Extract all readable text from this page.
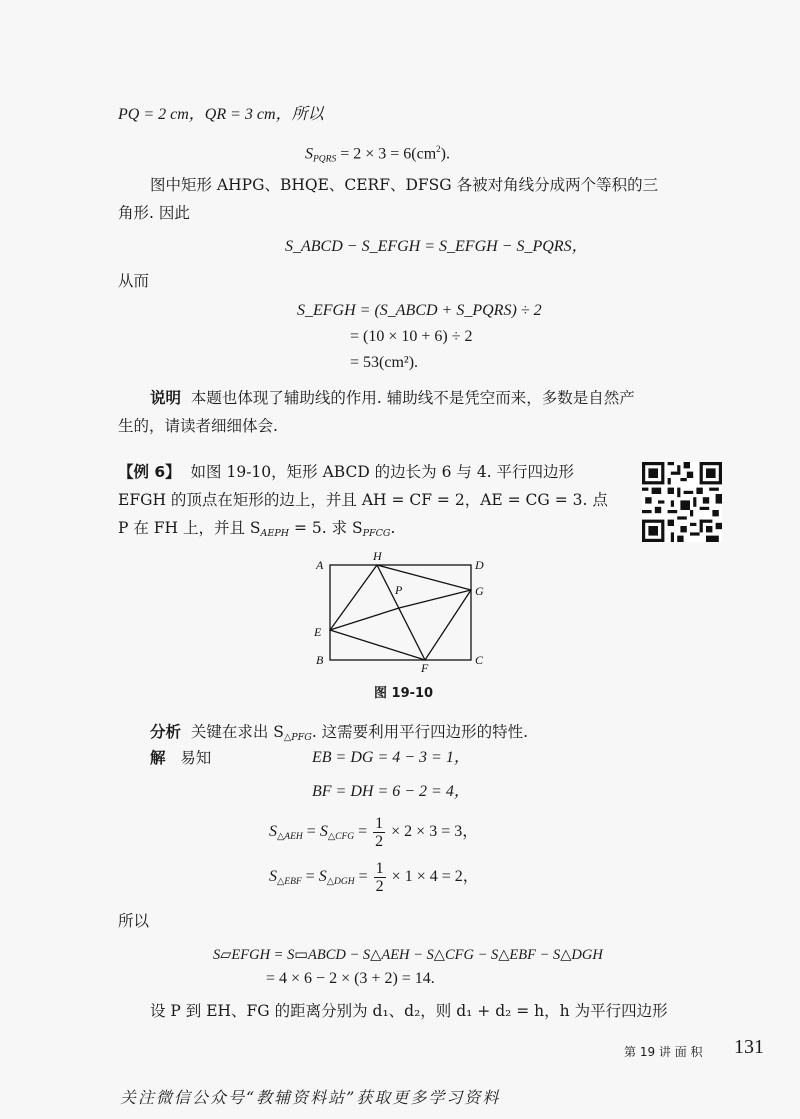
PQ = 2 cm，QR = 3 cm，所以
$S_{PQRS} = 2 \times 3 = 6(cm^2)$.
图中矩形 AHPG、BHQE、CERF、DFSG 各被对角线分成两个等积的三
角形. 因此
S_ABCD − S_EFGH = S_EFGH − S_PQRS，
从而
S_EFGH = (S_ABCD + S_PQRS) ÷ 2
= (10 × 10 + 6) ÷ 2
= 53(cm²).
说明 本题也体现了辅助线的作用. 辅助线不是凭空而来，多数是自然产
生的，请读者细细体会.
【例 6】 如图 19-10，矩形 ABCD 的边长为 6 与 4. 平行四边形
EFGH 的顶点在矩形的边上，并且 AH = CF = 2，AE = CG = 3. 点
P 在 FH 上，并且 $S_{AEPH} = 5$. 求 $S_{PFCG}$.
A
H
D
P	G
E
B
F
C
图 19-10
分析 关键在求出 $S_{\triangle PFG}$. 这需要利用平行四边形的特性.
解 易知	EB = DG = 4 − 3 = 1，
BF = DH = 6 − 2 = 4，
$S_{\triangle AEH} = S_{\triangle CFG} = \frac{1}{2} \times 2 \times 3 = 3$，
$S_{\triangle EBF} = S_{\triangle DGH} = \frac{1}{2} \times 1 \times 4 = 2$，
所以
S▱EFGH = S▭ABCD − S△AEH − S△CFG − S△EBF − S△DGH
= 4 × 6 − 2 × (3 + 2) = 14.
设 P 到 EH、FG 的距离分别为 d₁、d₂，则 d₁ + d₂ = h，h 为平行四边形
第 19 讲 面 积 131
关注微信公众号“教辅资料站”获取更多学习资料
